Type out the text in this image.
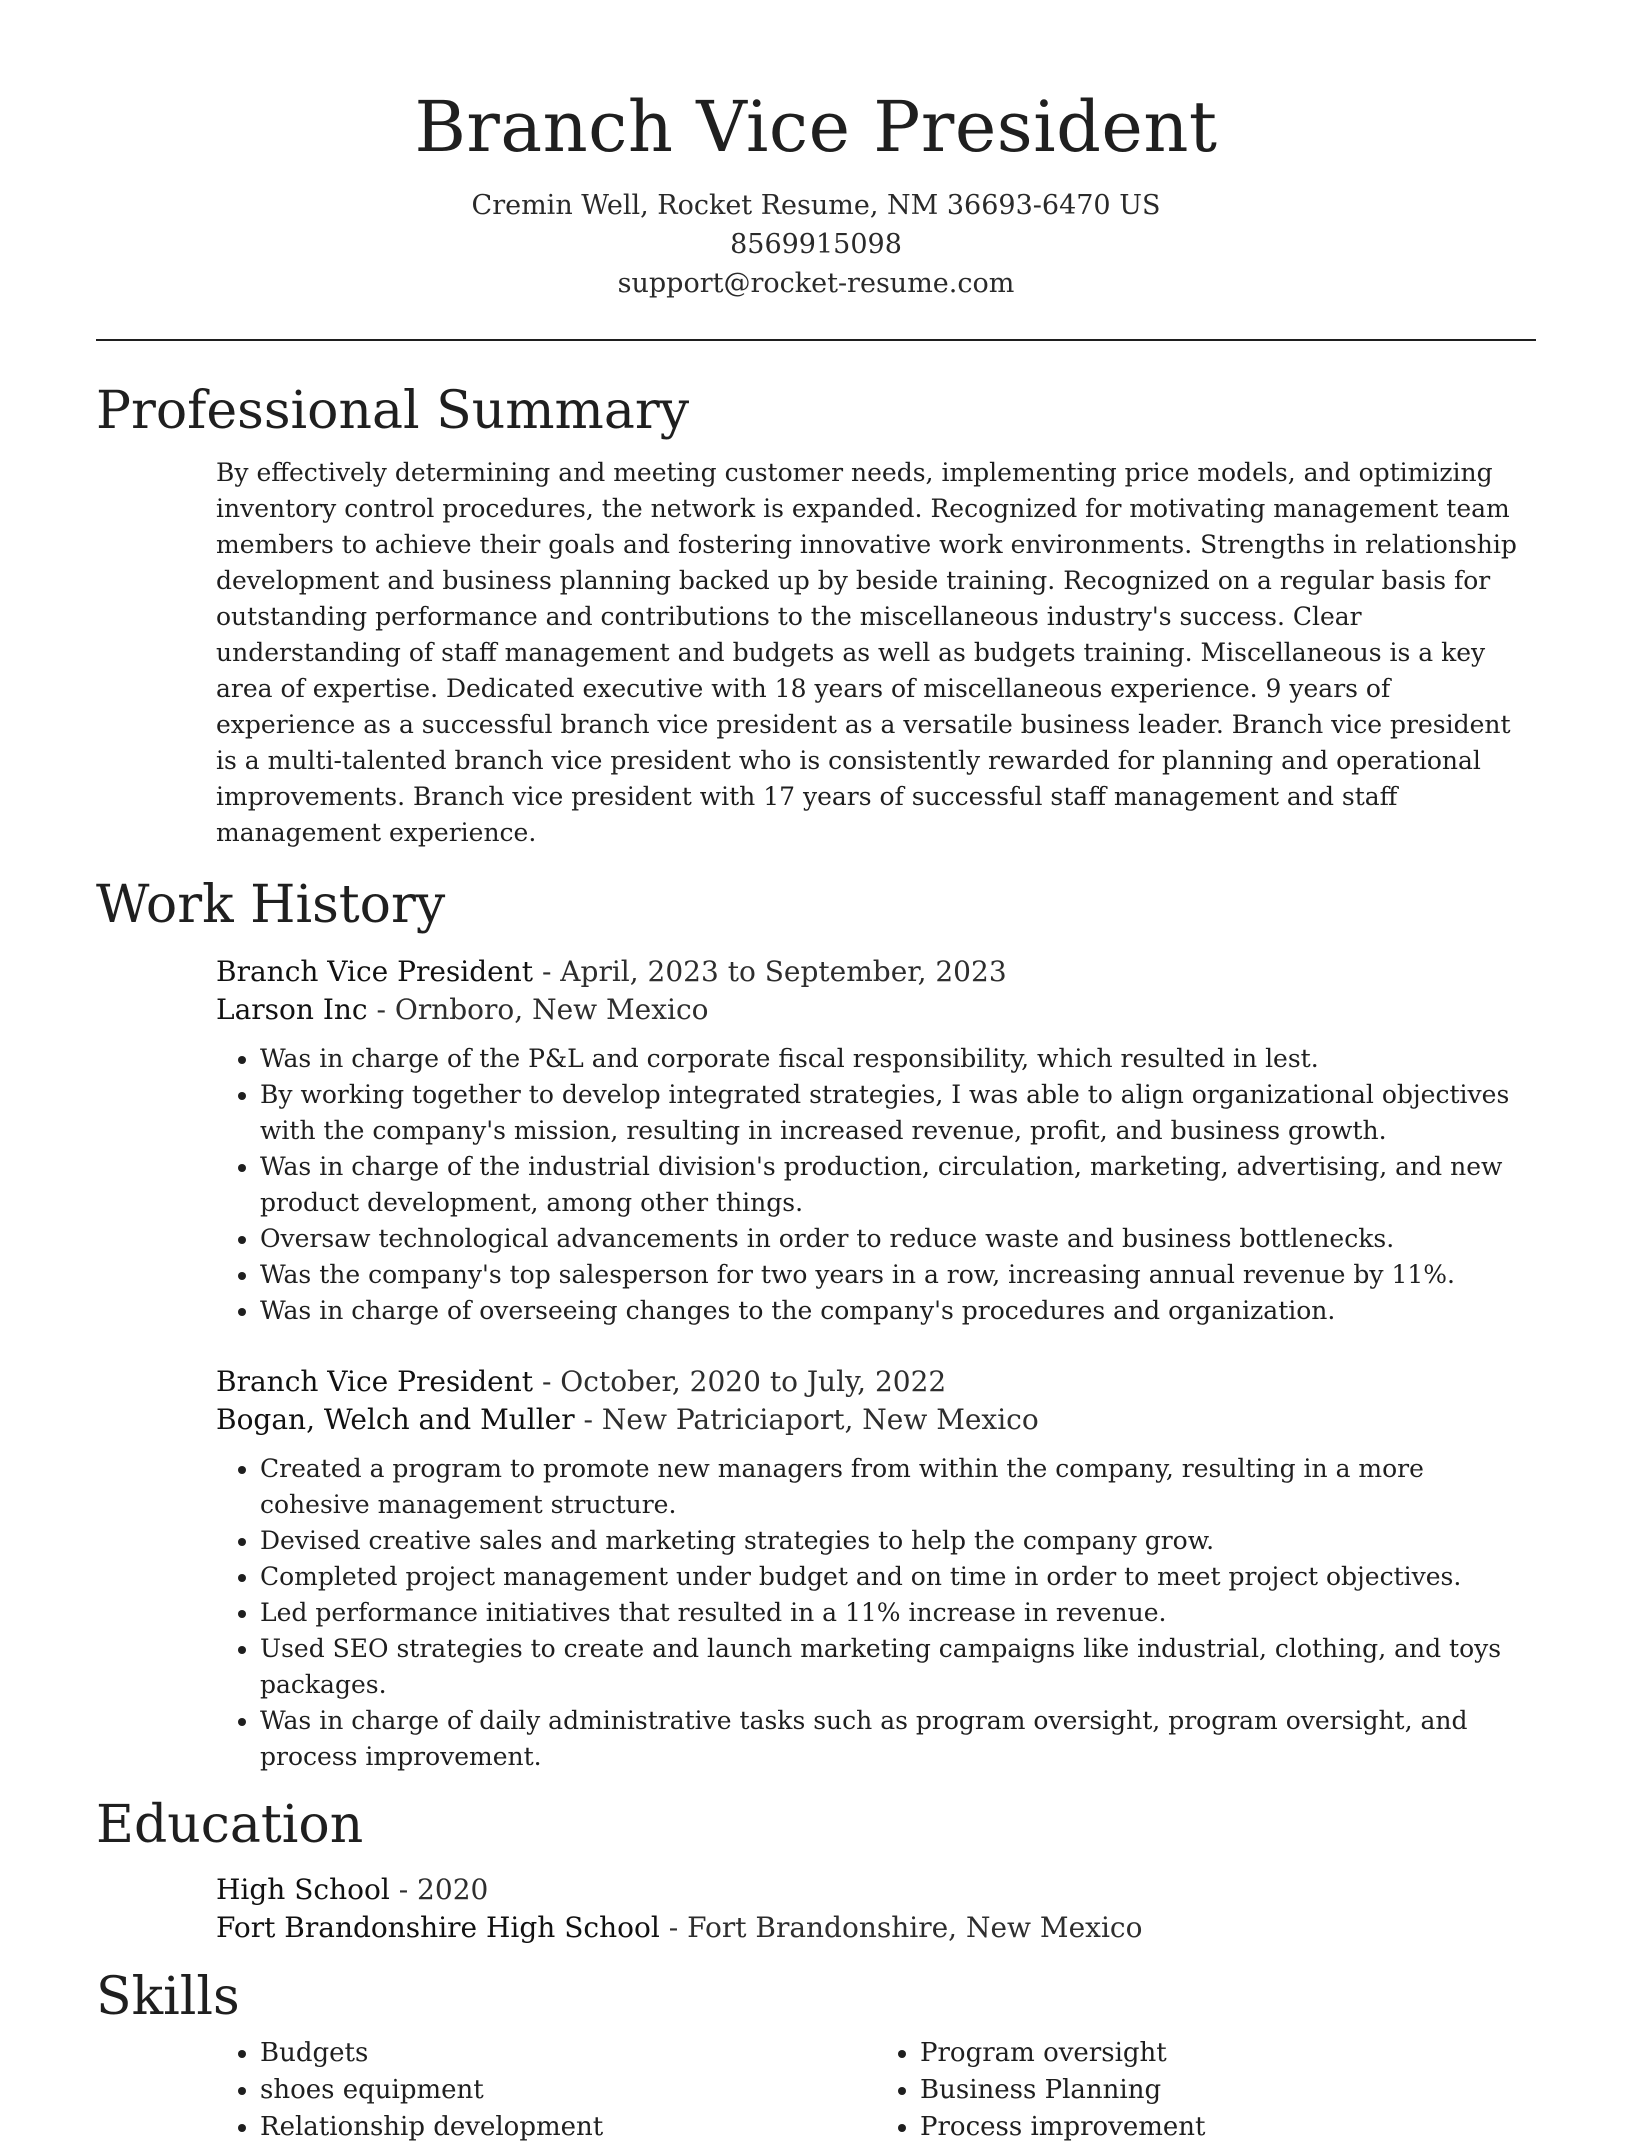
Branch Vice President
Cremin Well, Rocket Resume, NM 36693-6470 US
8569915098
support@rocket-resume.com
Professional Summary
By effectively determining and meeting customer needs, implementing price models, and optimizing inventory control procedures, the network is expanded. Recognized for motivating management team members to achieve their goals and fostering innovative work environments. Strengths in relationship development and business planning backed up by beside training. Recognized on a regular basis for outstanding performance and contributions to the miscellaneous industry's success. Clear understanding of staff management and budgets as well as budgets training. Miscellaneous is a key area of expertise. Dedicated executive with 18 years of miscellaneous experience. 9 years of experience as a successful branch vice president as a versatile business leader. Branch vice president is a multi-talented branch vice president who is consistently rewarded for planning and operational improvements. Branch vice president with 17 years of successful staff management and staff management experience.
Work History
Branch Vice President - April, 2023 to September, 2023
Larson Inc - Ornboro, New Mexico
• Was in charge of the P&L and corporate fiscal responsibility, which resulted in lest.
• By working together to develop integrated strategies, I was able to align organizational objectives with the company's mission, resulting in increased revenue, profit, and business growth.
• Was in charge of the industrial division's production, circulation, marketing, advertising, and new product development, among other things.
• Oversaw technological advancements in order to reduce waste and business bottlenecks.
• Was the company's top salesperson for two years in a row, increasing annual revenue by 11%.
• Was in charge of overseeing changes to the company's procedures and organization.
Branch Vice President - October, 2020 to July, 2022
Bogan, Welch and Muller - New Patriciaport, New Mexico
• Created a program to promote new managers from within the company, resulting in a more cohesive management structure.
• Devised creative sales and marketing strategies to help the company grow.
• Completed project management under budget and on time in order to meet project objectives.
• Led performance initiatives that resulted in a 11% increase in revenue.
• Used SEO strategies to create and launch marketing campaigns like industrial, clothing, and toys packages.
• Was in charge of daily administrative tasks such as program oversight, program oversight, and process improvement.
Education
High School - 2020
Fort Brandonshire High School - Fort Brandonshire, New Mexico
Skills
• Budgets
• shoes equipment
• Relationship development
• Program oversight
• Business Planning
• Process improvement
